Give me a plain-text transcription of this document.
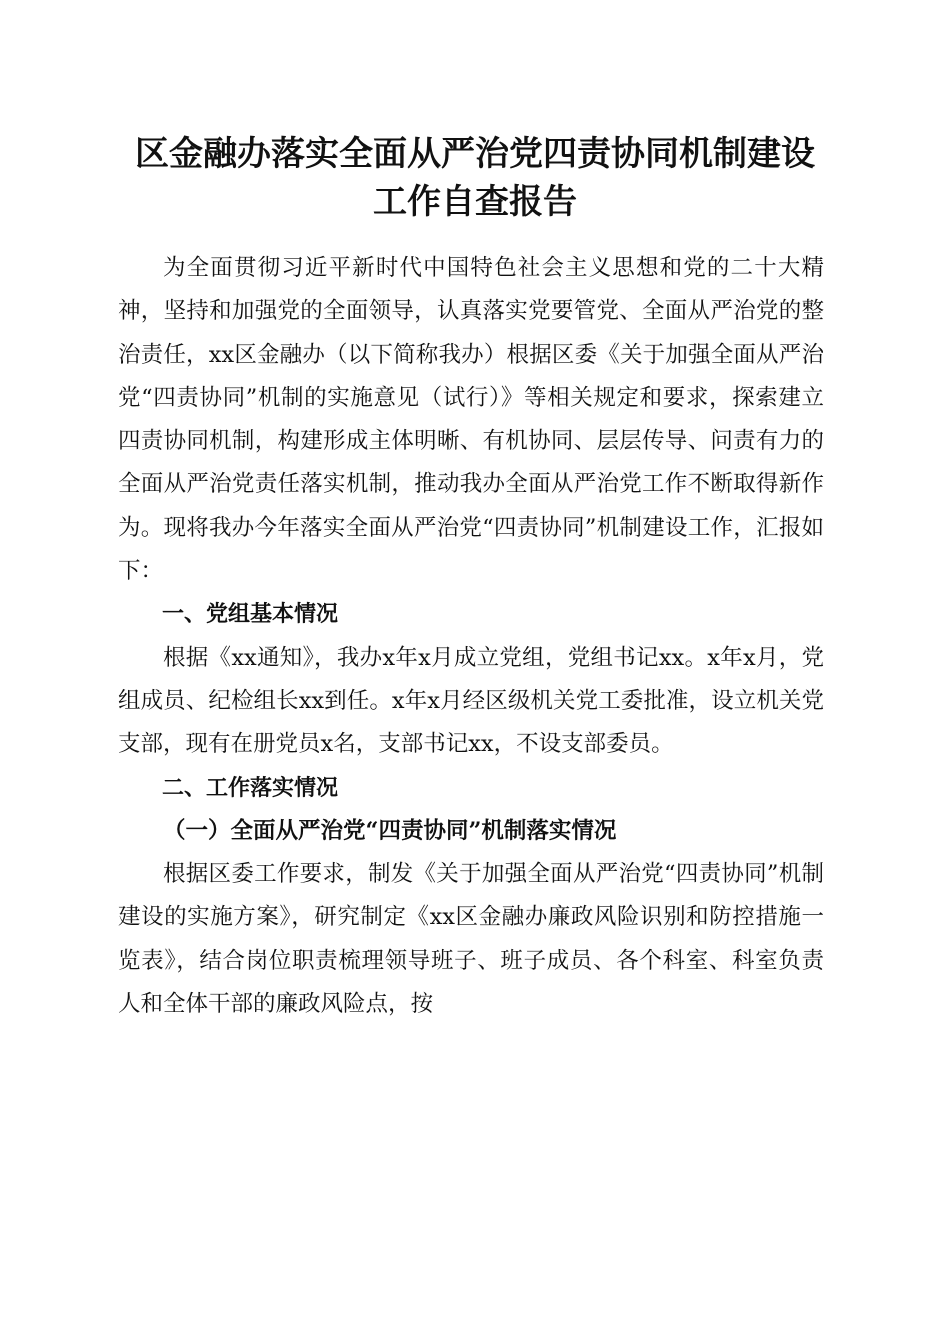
区金融办落实全面从严治党四责协同机制建设
工作自查报告

为全面贯彻习近平新时代中国特色社会主义思想和党的二十大精神，坚持和加强党的全面领导，认真落实党要管党、全面从严治党的整治责任，xx区金融办（以下简称我办）根据区委《关于加强全面从严治党“四责协同”机制的实施意见（试行）》等相关规定和要求，探索建立四责协同机制，构建形成主体明晰、有机协同、层层传导、问责有力的全面从严治党责任落实机制，推动我办全面从严治党工作不断取得新作为。现将我办今年落实全面从严治党“四责协同”机制建设工作，汇报如下：

一、党组基本情况

根据《xx通知》，我办x年x月成立党组，党组书记xx。x年x月，党组成员、纪检组长xx到任。x年x月经区级机关党工委批准，设立机关党支部，现有在册党员x名，支部书记xx，不设支部委员。

二、工作落实情况

（一）全面从严治党“四责协同”机制落实情况

根据区委工作要求，制发《关于加强全面从严治党“四责协同”机制建设的实施方案》，研究制定《xx区金融办廉政风险识别和防控措施一览表》，结合岗位职责梳理领导班子、班子成员、各个科室、科室负责人和全体干部的廉政风险点，按
